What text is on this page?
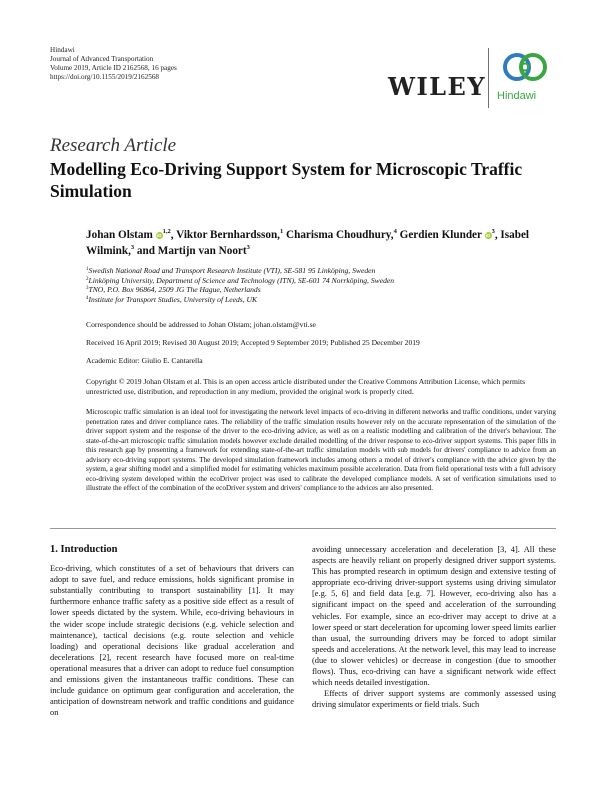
Hindawi
Journal of Advanced Transportation
Volume 2019, Article ID 2162568, 16 pages
https://doi.org/10.1155/2019/2162568	WILEY Hindawi
Research Article
Modelling Eco-Driving Support System for Microscopic Traffic Simulation
Johan Olstam iD$^{1,2}$, Viktor Bernhardsson,$^1$ Charisma Choudhury,$^4$ Gerdien Klunder $iD^3$, Isabel Wilmink,$^3$ and Martijn van Noort$^3$
$^1$Swedish National Road and Transport Research Institute (VTI), SE-581 95 Linköping, Sweden
$^2$Linköping University, Department of Science and Technology (ITN), SE-601 74 Norrköping, Sweden
$^3$TNO, P.O. Box 96864, 2509 JG The Hague, Netherlands
$^4$Institute for Transport Studies, University of Leeds, UK
Correspondence should be addressed to Johan Olstam; johan.olstam@vti.se
Received 16 April 2019; Revised 30 August 2019; Accepted 9 September 2019; Published 25 December 2019
Academic Editor: Giulio E. Cantarella
Copyright © 2019 Johan Olstam et al. This is an open access article distributed under the Creative Commons Attribution License, which permits unrestricted use, distribution, and reproduction in any medium, provided the original work is properly cited.
Microscopic traffic simulation is an ideal tool for investigating the network level impacts of eco-driving in different networks and traffic conditions, under varying penetration rates and driver compliance rates. The reliability of the traffic simulation results however rely on the accurate representation of the simulation of the driver support system and the response of the driver to the eco-driving advice, as well as on a realistic modelling and calibration of the driver's behaviour. The state-of-the-art microscopic traffic simulation models however exclude detailed modelling of the driver response to eco-driver support systems. This paper fills in this research gap by presenting a framework for extending state-of-the-art traffic simulation models with sub models for drivers' compliance to advice from an advisory eco-driving support systems. The developed simulation framework includes among others a model of driver's compliance with the advice given by the system, a gear shifting model and a simplified model for estimating vehicles maximum possible acceleration. Data from field operational tests with a full advisory eco-driving system developed within the ecoDriver project was used to calibrate the developed compliance models. A set of verification simulations used to illustrate the effect of the combination of the ecoDriver system and drivers' compliance to the advices are also presented.

1. Introduction

Eco-driving, which constitutes of a set of behaviours that drivers can adopt to save fuel, and reduce emissions, holds significant promise in substantially contributing to transport sustainability [1]. It may furthermore enhance traffic safety as a positive side effect as a result of lower speeds dictated by the system. While, eco-driving behaviours in the wider scope include strategic decisions (e.g. vehicle selection and maintenance), tactical decisions (e.g. route selection and vehicle loading) and operational decisions like gradual acceleration and decelerations [2], recent research have focused more on real-time operational measures that a driver can adopt to reduce fuel consumption and emissions given the instantaneous traffic conditions. These can include guidance on optimum gear configuration and acceleration, the anticipation of downstream network and traffic conditions and guidance on

avoiding unnecessary acceleration and deceleration [3, 4]. All these aspects are heavily reliant on properly designed driver support systems. This has prompted research in optimum design and extensive testing of appropriate eco-driving driver-support systems using driving simulator [e.g. 5, 6] and field data [e.g. 7]. However, eco-driving also has a significant impact on the speed and acceleration of the surrounding vehicles. For example, since an eco-driver may accept to drive at a lower speed or start deceleration for upcoming lower speed limits earlier than usual, the surrounding drivers may be forced to adopt similar speeds and accelerations. At the network level, this may lead to increase (due to slower vehicles) or decrease in congestion (due to smoother flows). Thus, eco-driving can have a significant network wide effect which needs detailed investigation.

Effects of driver support systems are commonly assessed using driving simulator experiments or field trials. Such
